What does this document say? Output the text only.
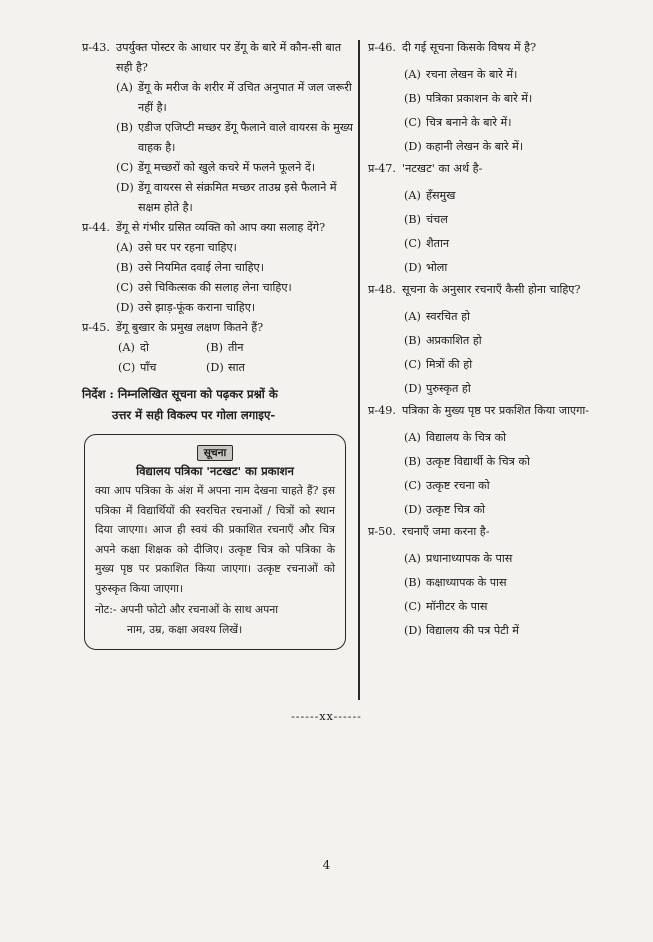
प्र-43. उपर्युक्त पोस्टर के आधार पर डेंगू के बारे में कौन-सी बात सही है?
(A) डेंगू के मरीज के शरीर में उचित अनुपात में जल जरूरी नहीं है।
(B) एडीज एजिप्टी मच्छर डेंगू फैलाने वाले वायरस के मुख्य वाहक है।
(C) डेंगू मच्छरों को खुले कचरे में फलने फूलने दें।
(D) डेंगू वायरस से संक्रमित मच्छर ताउम्र इसे फैलाने में सक्षम होते है।
प्र-44. डेंगू से गंभीर ग्रसित व्यक्ति को आप क्या सलाह देंगे?
(A) उसे घर पर रहना चाहिए।
(B) उसे नियमित दवाई लेना चाहिए।
(C) उसे चिकित्सक की सलाह लेना चाहिए।
(D) उसे झाड़-फूंक कराना चाहिए।
प्र-45. डेंगू बुखार के प्रमुख लक्षण कितने हैं?
(A) दो	(B) तीन
(C) पाँच	(D) सात
निर्देश : निम्नलिखित सूचना को पढ़कर प्रश्नों के
उत्तर में सही विकल्प पर गोला लगाइए-
सूचना
विद्यालय पत्रिका 'नटखट' का प्रकाशन
क्या आप पत्रिका के अंश में अपना नाम देखना चाहते हैं? इस पत्रिका में विद्यार्थियों की स्वरचित रचनाओं / चित्रों को स्थान दिया जाएगा। आज ही स्वयं की प्रकाशित रचनाएँ और चित्र अपने कक्षा शिक्षक को दीजिए। उत्कृष्ट चित्र को पत्रिका के मुख्य पृष्ठ पर प्रकाशित किया जाएगा। उत्कृष्ट रचनाओं को पुरुस्कृत किया जाएगा।
नोट:- अपनी फोटो और रचनाओं के साथ अपना
नाम, उम्र, कक्षा अवश्य लिखें।
प्र-46. दी गई सूचना किसके विषय में है?
(A) रचना लेखन के बारे में।
(B) पत्रिका प्रकाशन के बारे में।
(C) चित्र बनाने के बारे में।
(D) कहानी लेखन के बारे में।
प्र-47. 'नटखट' का अर्थ है-
(A) हँसमुख
(B) चंचल
(C) शैतान
(D) भोला
प्र-48. सूचना के अनुसार रचनाएँ कैसी होना चाहिए?
(A) स्वरचित हो
(B) अप्रकाशित हो
(C) मित्रों की हो
(D) पुरुस्कृत हो
प्र-49. पत्रिका के मुख्य पृष्ठ पर प्रकशित किया जाएगा-
(A) विद्यालय के चित्र को
(B) उत्कृष्ट विद्यार्थी के चित्र को
(C) उत्कृष्ट रचना को
(D) उत्कृष्ट चित्र को
प्र-50. रचनाएँ जमा करना है-
(A) प्रधानाध्यापक के पास
(B) कक्षाध्यापक के पास
(C) मॉनीटर के पास
(D) विद्यालय की पत्र पेटी में
------xx------
4
